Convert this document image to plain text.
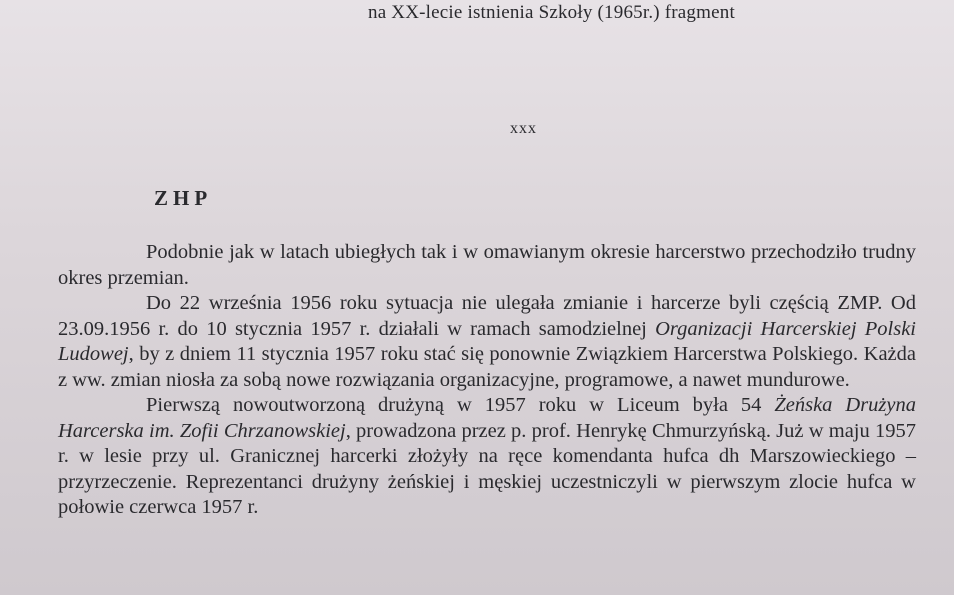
na XX-lecie istnienia Szkoły (1965r.) fragment
xxx
ZHP

Podobnie jak w latach ubiegłych tak i w omawianym okresie harcerstwo przechodziło trudny okres przemian.

Do 22 września 1956 roku sytuacja nie ulegała zmianie i harcerze byli częścią ZMP. Od 23.09.1956 r. do 10 stycznia 1957 r. działali w ramach samodzielnej Organizacji Harcerskiej Polski Ludowej, by z dniem 11 stycznia 1957 roku stać się ponownie Związkiem Harcerstwa Polskiego. Każda z ww. zmian niosła za sobą nowe rozwiązania organizacyjne, programowe, a nawet mundurowe.

Pierwszą nowoutworzoną drużyną w 1957 roku w Liceum była 54 Żeńska Drużyna Harcerska im. Zofii Chrzanowskiej, prowadzona przez p. prof. Henrykę Chmurzyńską. Już w maju 1957 r. w lesie przy ul. Granicznej harcerki złożyły na ręce komendanta hufca dh Marszowieckiego – przyrzeczenie. Reprezentanci drużyny żeńskiej i męskiej uczestniczyli w pierwszym zlocie hufca w połowie czerwca 1957 r.
